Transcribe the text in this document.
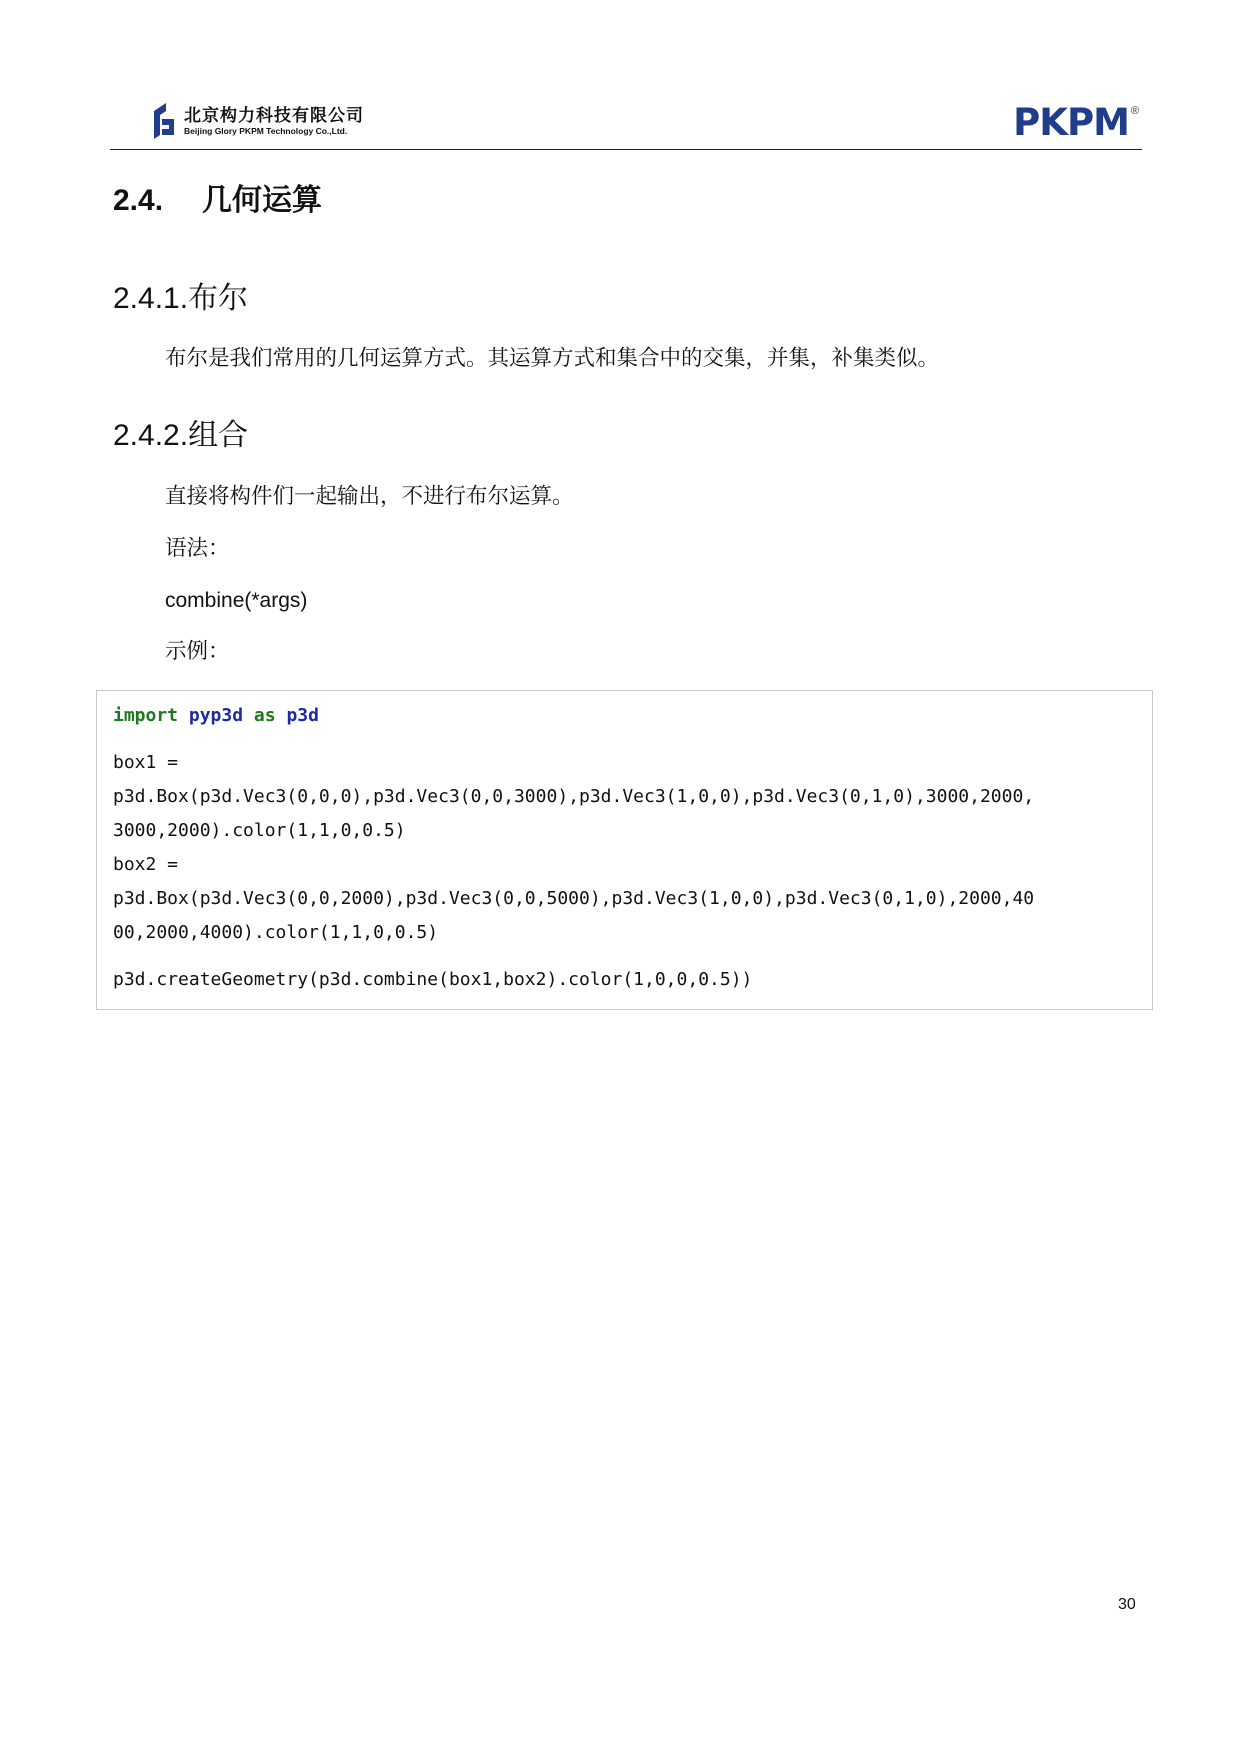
北京构力科技有限公司
Beijing Glory PKPM Technology Co.,Ltd.	PKPM ®
2.4. 几何运算
2.4.1.布尔
布尔是我们常用的几何运算方式。其运算方式和集合中的交集，并集，补集类似。
2.4.2.组合
直接将构件们一起输出，不进行布尔运算。
语法：
combine(*args)
示例：
import pyp3d as p3d
box1 =
p3d.Box(p3d.Vec3(0,0,0),p3d.Vec3(0,0,3000),p3d.Vec3(1,0,0),p3d.Vec3(0,1,0),3000,2000,
3000,2000).color(1,1,0,0.5)
box2 =
p3d.Box(p3d.Vec3(0,0,2000),p3d.Vec3(0,0,5000),p3d.Vec3(1,0,0),p3d.Vec3(0,1,0),2000,40
00,2000,4000).color(1,1,0,0.5)
p3d.createGeometry(p3d.combine(box1,box2).color(1,0,0,0.5))
30
